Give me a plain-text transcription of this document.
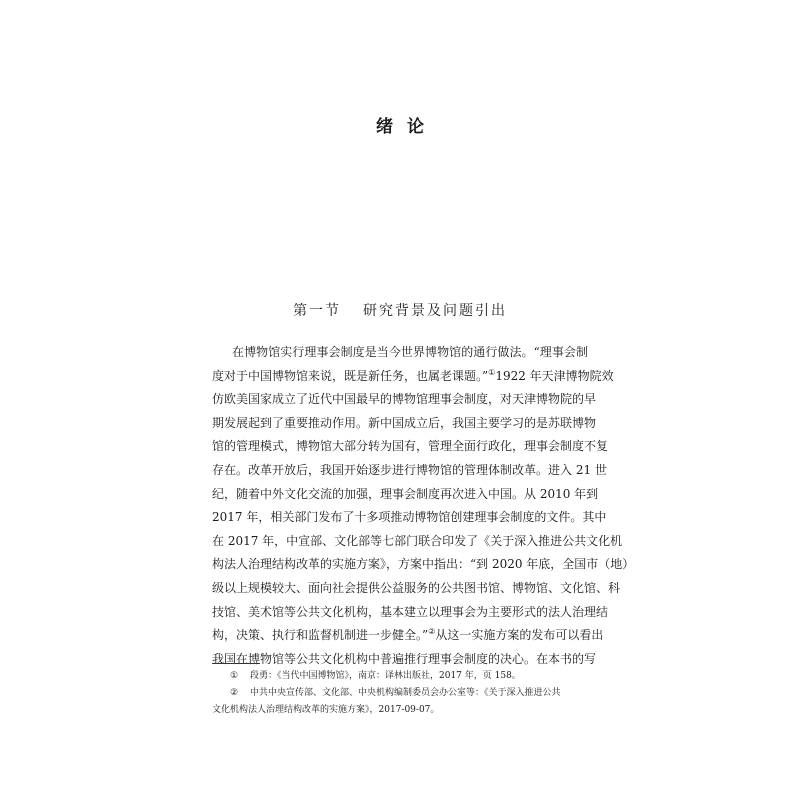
绪论
第一节 研究背景及问题引出
在博物馆实行理事会制度是当今世界博物馆的通行做法。“理事会制
度对于中国博物馆来说，既是新任务，也属老课题。”①1922 年天津博物院效
仿欧美国家成立了近代中国最早的博物馆理事会制度，对天津博物院的早
期发展起到了重要推动作用。新中国成立后，我国主要学习的是苏联博物
馆的管理模式，博物馆大部分转为国有，管理全面行政化，理事会制度不复
存在。改革开放后，我国开始逐步进行博物馆的管理体制改革。进入 21 世
纪，随着中外文化交流的加强，理事会制度再次进入中国。从 2010 年到
2017 年，相关部门发布了十多项推动博物馆创建理事会制度的文件。其中
在 2017 年，中宣部、文化部等七部门联合印发了《关于深入推进公共文化机
构法人治理结构改革的实施方案》，方案中指出：“到 2020 年底，全国市（地）
级以上规模较大、面向社会提供公益服务的公共图书馆、博物馆、文化馆、科
技馆、美术馆等公共文化机构，基本建立以理事会为主要形式的法人治理结
构，决策、执行和监督机制进一步健全。”②从这一实施方案的发布可以看出
我国在博物馆等公共文化机构中普遍推行理事会制度的决心。在本书的写
① 段勇：《当代中国博物馆》，南京：译林出版社，2017 年，页 158。
② 中共中央宣传部、文化部、中央机构编制委员会办公室等：《关于深入推进公共
文化机构法人治理结构改革的实施方案》，2017-09-07。
